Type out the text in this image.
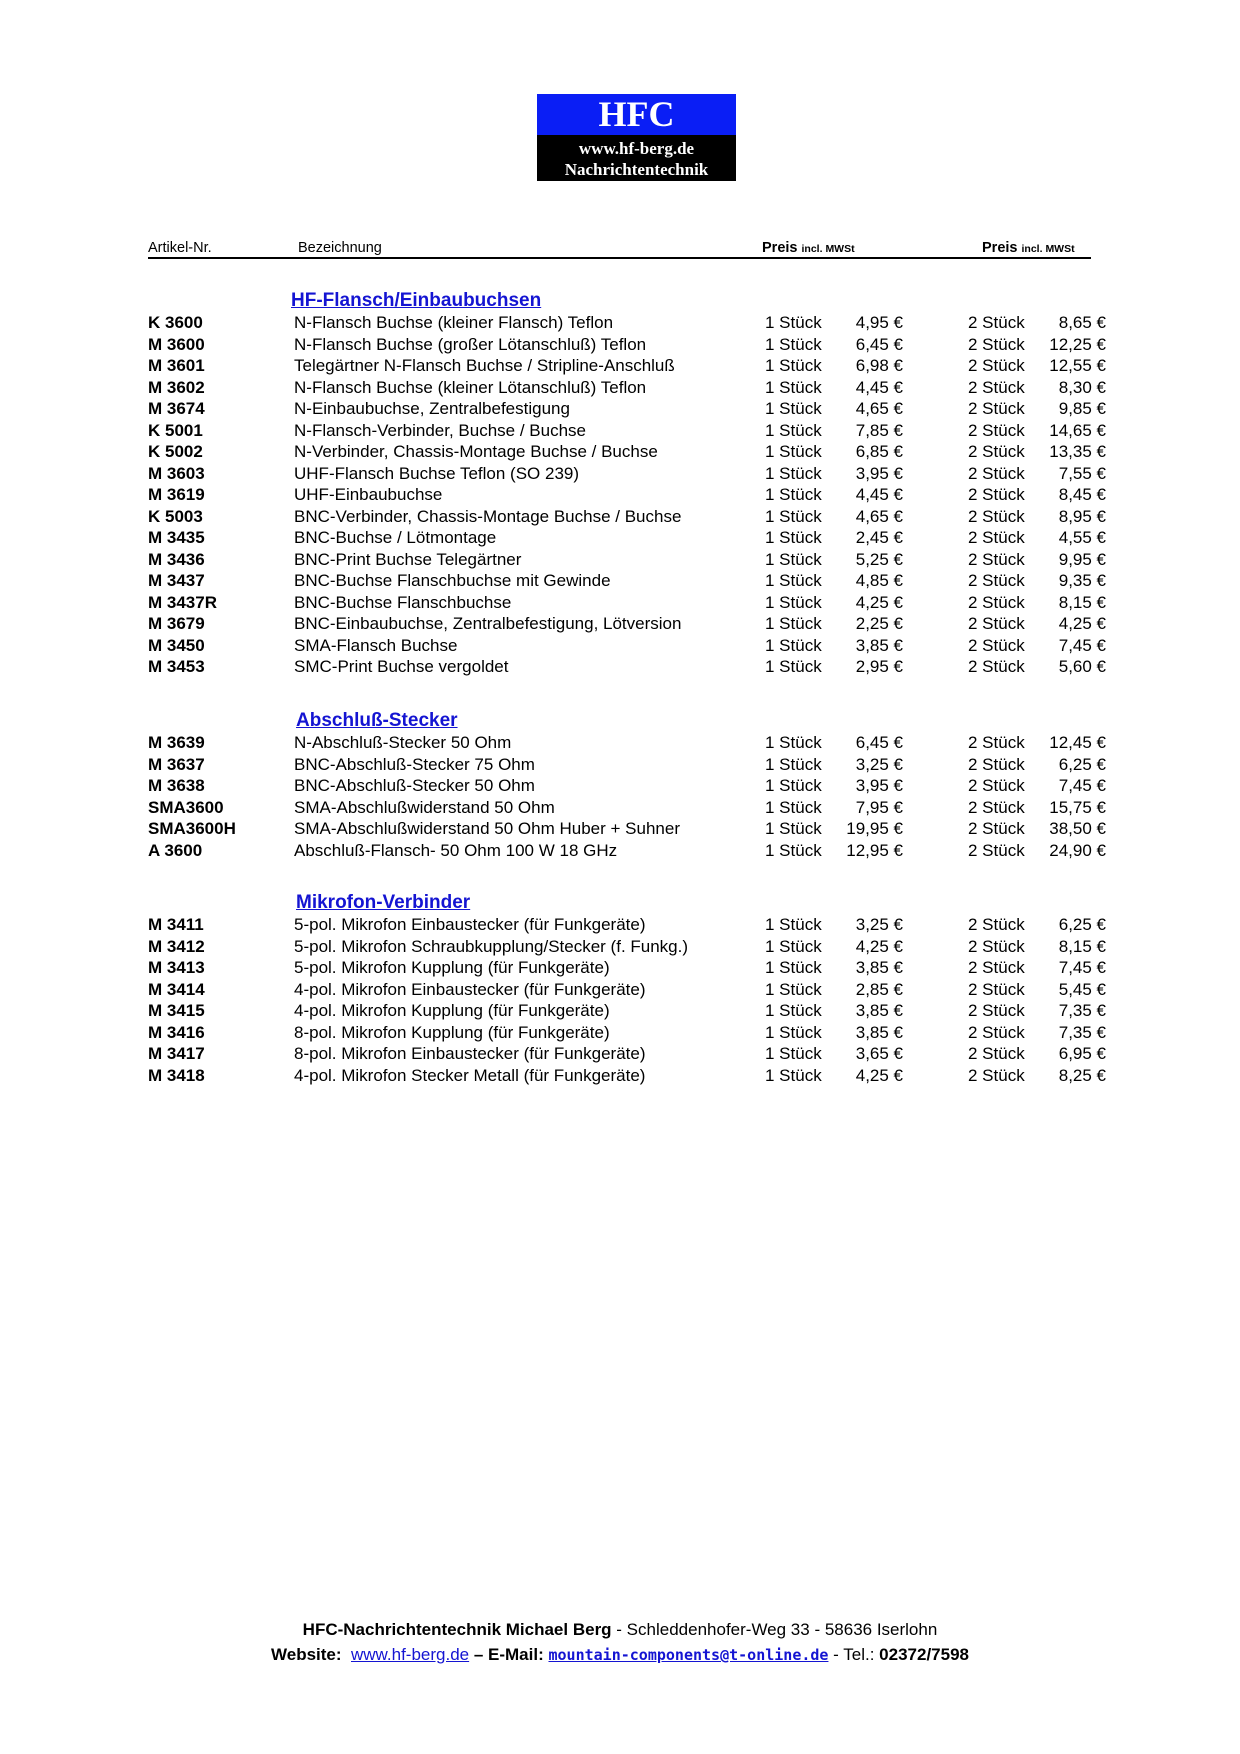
HFC
www.hf-berg.de
Nachrichtentechnik
Artikel-Nr.	Bezeichnung	Preis incl. MWSt	Preis incl. MWSt
HF-Flansch/Einbaubuchsen
K 3600	N-Flansch Buchse (kleiner Flansch) Teflon	1 Stück	4,95 €	2 Stück	8,65 €
M 3600	N-Flansch Buchse (großer Lötanschluß) Teflon	1 Stück	6,45 €	2 Stück	12,25 €
M 3601	Telegärtner N-Flansch Buchse / Stripline-Anschluß	1 Stück	6,98 €	2 Stück	12,55 €
M 3602	N-Flansch Buchse (kleiner Lötanschluß) Teflon	1 Stück	4,45 €	2 Stück	8,30 €
M 3674	N-Einbaubuchse, Zentralbefestigung	1 Stück	4,65 €	2 Stück	9,85 €
K 5001	N-Flansch-Verbinder, Buchse / Buchse	1 Stück	7,85 €	2 Stück	14,65 €
K 5002	N-Verbinder, Chassis-Montage Buchse / Buchse	1 Stück	6,85 €	2 Stück	13,35 €
M 3603	UHF-Flansch Buchse Teflon (SO 239)	1 Stück	3,95 €	2 Stück	7,55 €
M 3619	UHF-Einbaubuchse	1 Stück	4,45 €	2 Stück	8,45 €
K 5003	BNC-Verbinder, Chassis-Montage Buchse / Buchse	1 Stück	4,65 €	2 Stück	8,95 €
M 3435	BNC-Buchse / Lötmontage	1 Stück	2,45 €	2 Stück	4,55 €
M 3436	BNC-Print Buchse Telegärtner	1 Stück	5,25 €	2 Stück	9,95 €
M 3437	BNC-Buchse Flanschbuchse mit Gewinde	1 Stück	4,85 €	2 Stück	9,35 €
M 3437R	BNC-Buchse Flanschbuchse	1 Stück	4,25 €	2 Stück	8,15 €
M 3679	BNC-Einbaubuchse, Zentralbefestigung, Lötversion	1 Stück	2,25 €	2 Stück	4,25 €
M 3450	SMA-Flansch Buchse	1 Stück	3,85 €	2 Stück	7,45 €
M 3453	SMC-Print Buchse vergoldet	1 Stück	2,95 €	2 Stück	5,60 €
Abschluß-Stecker
M 3639	N-Abschluß-Stecker 50 Ohm	1 Stück	6,45 €	2 Stück	12,45 €
M 3637	BNC-Abschluß-Stecker 75 Ohm	1 Stück	3,25 €	2 Stück	6,25 €
M 3638	BNC-Abschluß-Stecker 50 Ohm	1 Stück	3,95 €	2 Stück	7,45 €
SMA3600	SMA-Abschlußwiderstand 50 Ohm	1 Stück	7,95 €	2 Stück	15,75 €
SMA3600H	SMA-Abschlußwiderstand 50 Ohm Huber + Suhner	1 Stück	19,95 €	2 Stück	38,50 €
A 3600	Abschluß-Flansch- 50 Ohm 100 W 18 GHz	1 Stück	12,95 €	2 Stück	24,90 €
Mikrofon-Verbinder
M 3411	5-pol. Mikrofon Einbaustecker (für Funkgeräte)	1 Stück	3,25 €	2 Stück	6,25 €
M 3412	5-pol. Mikrofon Schraubkupplung/Stecker (f. Funkg.)	1 Stück	4,25 €	2 Stück	8,15 €
M 3413	5-pol. Mikrofon Kupplung (für Funkgeräte)	1 Stück	3,85 €	2 Stück	7,45 €
M 3414	4-pol. Mikrofon Einbaustecker (für Funkgeräte)	1 Stück	2,85 €	2 Stück	5,45 €
M 3415	4-pol. Mikrofon Kupplung (für Funkgeräte)	1 Stück	3,85 €	2 Stück	7,35 €
M 3416	8-pol. Mikrofon Kupplung (für Funkgeräte)	1 Stück	3,85 €	2 Stück	7,35 €
M 3417	8-pol. Mikrofon Einbaustecker (für Funkgeräte)	1 Stück	3,65 €	2 Stück	6,95 €
M 3418	4-pol. Mikrofon Stecker Metall (für Funkgeräte)	1 Stück	4,25 €	2 Stück	8,25 €
HFC-Nachrichtentechnik Michael Berg - Schleddenhofer-Weg 33 - 58636 Iserlohn
Website: www.hf-berg.de – E-Mail: mountain-components@t-online.de - Tel.: 02372/7598
